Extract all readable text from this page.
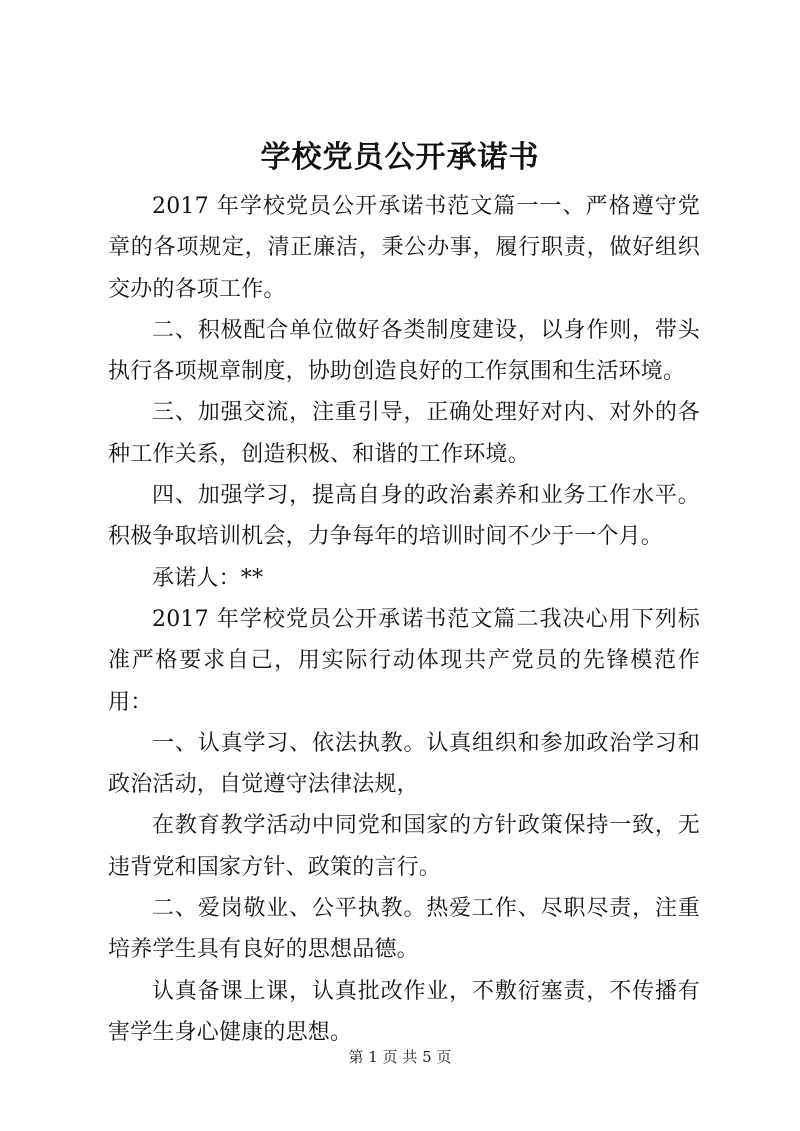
学校党员公开承诺书

2017 年学校党员公开承诺书范文篇一一、严格遵守党章的各项规定，清正廉洁，秉公办事，履行职责，做好组织交办的各项工作。

二、积极配合单位做好各类制度建设，以身作则，带头执行各项规章制度，协助创造良好的工作氛围和生活环境。

三、加强交流，注重引导，正确处理好对内、对外的各种工作关系，创造积极、和谐的工作环境。

四、加强学习，提高自身的政治素养和业务工作水平。积极争取培训机会，力争每年的培训时间不少于一个月。

承诺人：**

2017 年学校党员公开承诺书范文篇二我决心用下列标准严格要求自己，用实际行动体现共产党员的先锋模范作用：

一、认真学习、依法执教。认真组织和参加政治学习和政治活动，自觉遵守法律法规，

在教育教学活动中同党和国家的方针政策保持一致，无违背党和国家方针、政策的言行。

二、爱岗敬业、公平执教。热爱工作、尽职尽责，注重培养学生具有良好的思想品德。

认真备课上课，认真批改作业，不敷衍塞责，不传播有害学生身心健康的思想。

第 1 页 共 5 页
